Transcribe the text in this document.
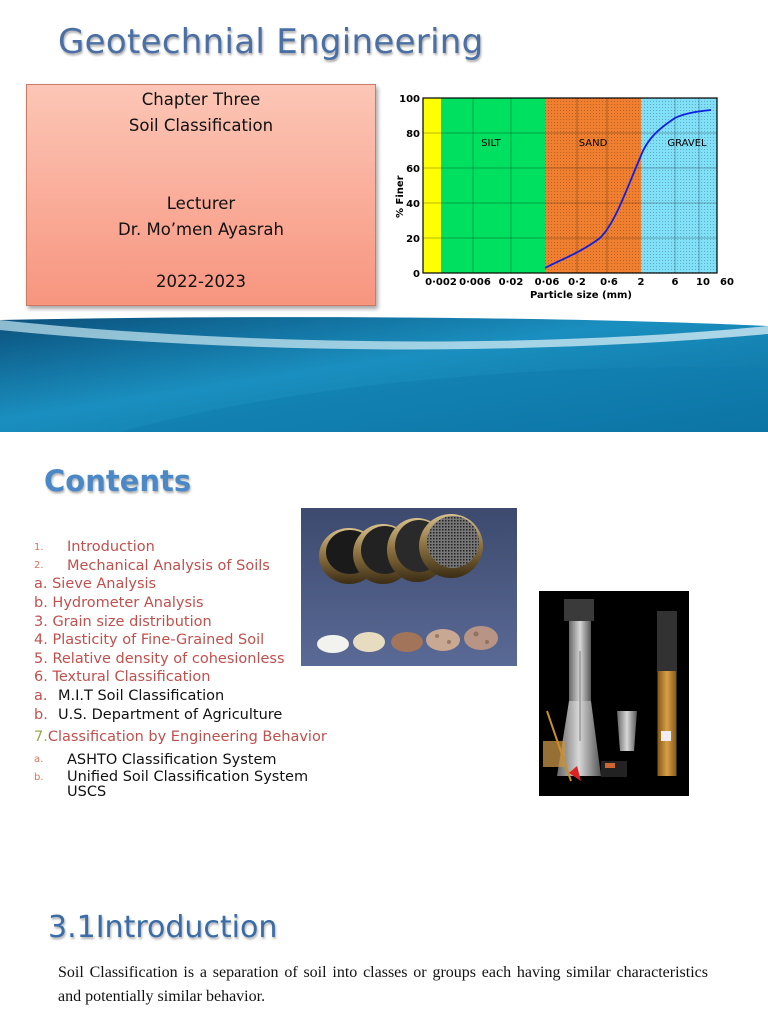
Geotechnial Engineering
Chapter Three
Soil Classification
Lecturer
Dr. Mo’men Ayasrah
2022-2023
SILT	SAND	GRAVEL
100
80
60
40
20
0
% Finer
0·002 0·006 0·02 0·06 0·2 0·6 2	6 10 60
Particle size (mm)
Contents
1.	Introduction
2.	Mechanical Analysis of Soils
a. Sieve Analysis
b. Hydrometer Analysis
3. Grain size distribution
4. Plasticity of Fine-Grained Soil
5. Relative density of cohesionless
6. Textural Classification
a. M.I.T Soil Classification
b. U.S. Department of Agriculture
7. Classification by Engineering Behavior
a.	ASHTO Classification System
b.	Unified Soil Classification System
USCS
3.1Introduction
Soil Classification is a separation of soil into classes or groups each having similar characteristics and potentially similar behavior.
